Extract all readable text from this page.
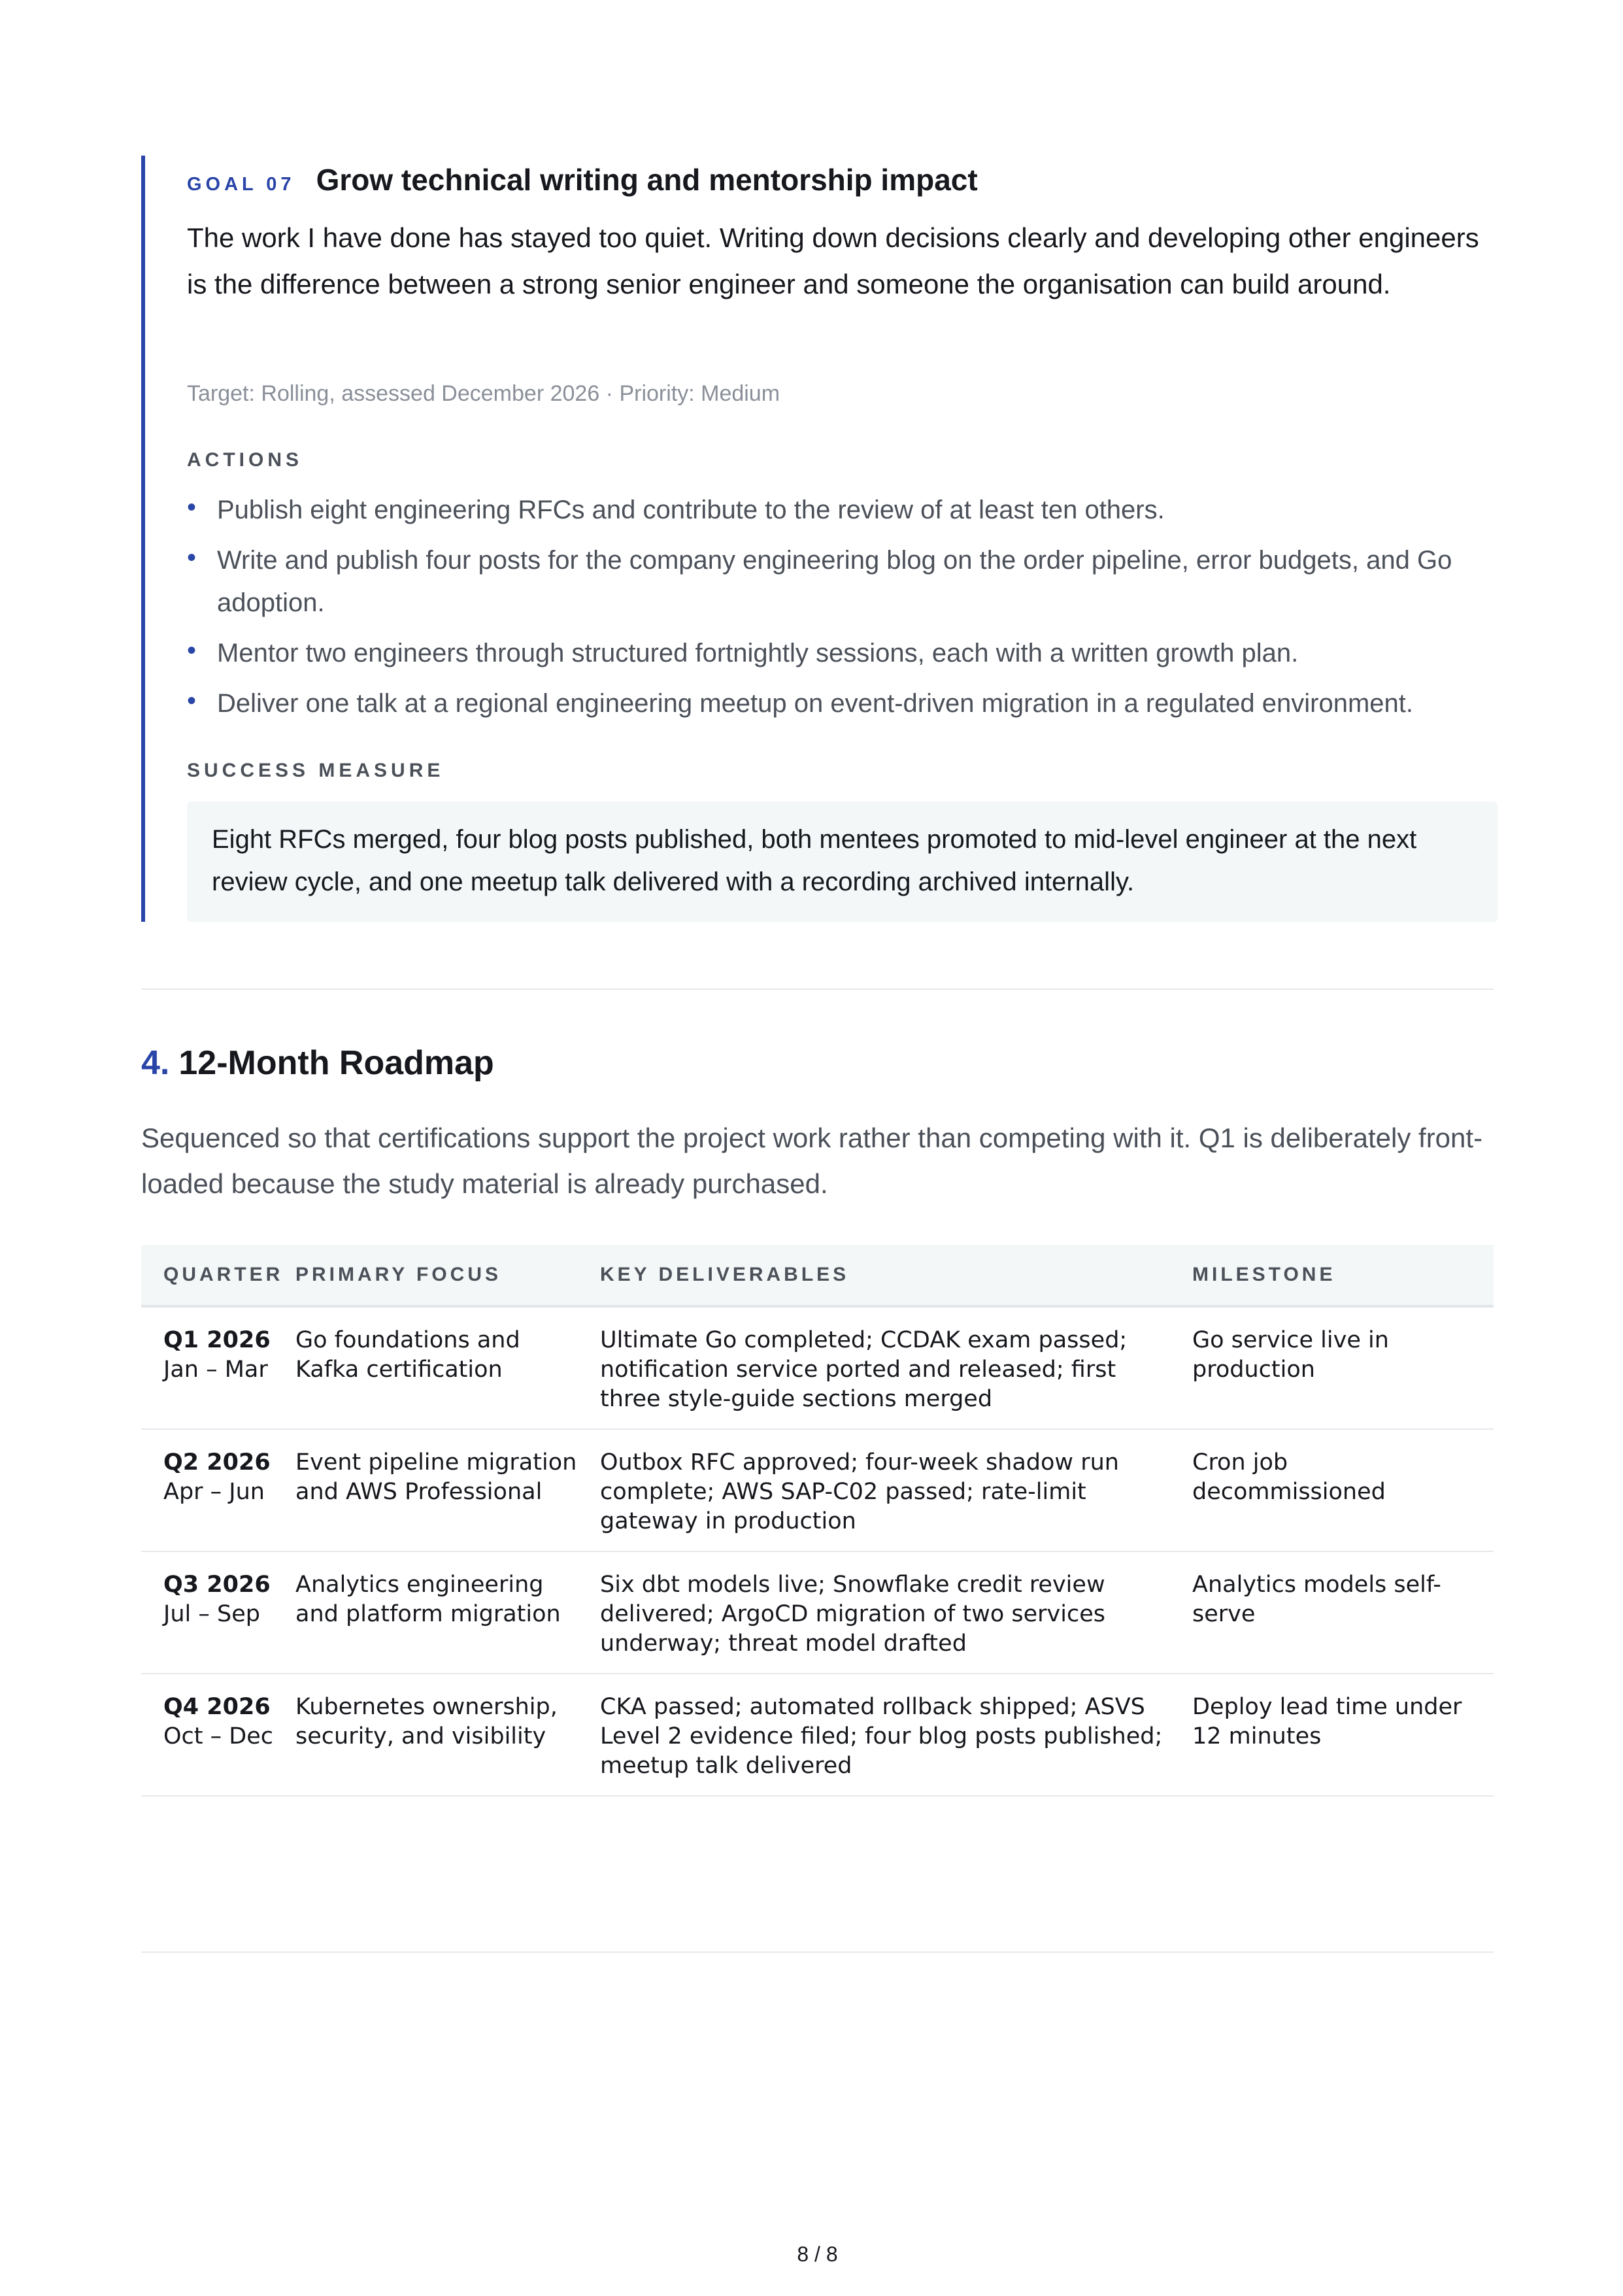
GOAL 07 Grow technical writing and mentorship impact

The work I have done has stayed too quiet. Writing down decisions clearly and developing other engineers is the difference between a strong senior engineer and someone the organisation can build around.

Target: Rolling, assessed December 2026 · Priority: Medium
ACTIONS
• Publish eight engineering RFCs and contribute to the review of at least ten others.
• Write and publish four posts for the company engineering blog on the order pipeline, error budgets, and Go adoption.
• Mentor two engineers through structured fortnightly sessions, each with a written growth plan.
• Deliver one talk at a regional engineering meetup on event-driven migration in a regulated environment.
SUCCESS MEASURE
Eight RFCs merged, four blog posts published, both mentees promoted to mid-level engineer at the next review cycle, and one meetup talk delivered with a recording archived internally.
4. 12-Month Roadmap

Sequenced so that certifications support the project work rather than competing with it. Q1 is deliberately front-loaded because the study material is already purchased.

QUARTER	PRIMARY FOCUS	KEY DELIVERABLES	MILESTONE

Q1 2026
Jan – Mar	Go foundations and Kafka certification	Ultimate Go completed; CCDAK exam passed; notification service ported and released; first three style-guide sections merged	Go service live in production

Q2 2026
Apr – Jun	Event pipeline migration and AWS Professional	Outbox RFC approved; four-week shadow run complete; AWS SAP-C02 passed; rate-limit gateway in production	Cron job decommissioned

Q3 2026
Jul – Sep	Analytics engineering and platform migration	Six dbt models live; Snowflake credit review delivered; ArgoCD migration of two services underway; threat model drafted	Analytics models self-serve

Q4 2026
Oct – Dec	Kubernetes ownership, security, and visibility	CKA passed; automated rollback shipped; ASVS Level 2 evidence filed; four blog posts published; meetup talk delivered	Deploy lead time under 12 minutes
8 / 8
